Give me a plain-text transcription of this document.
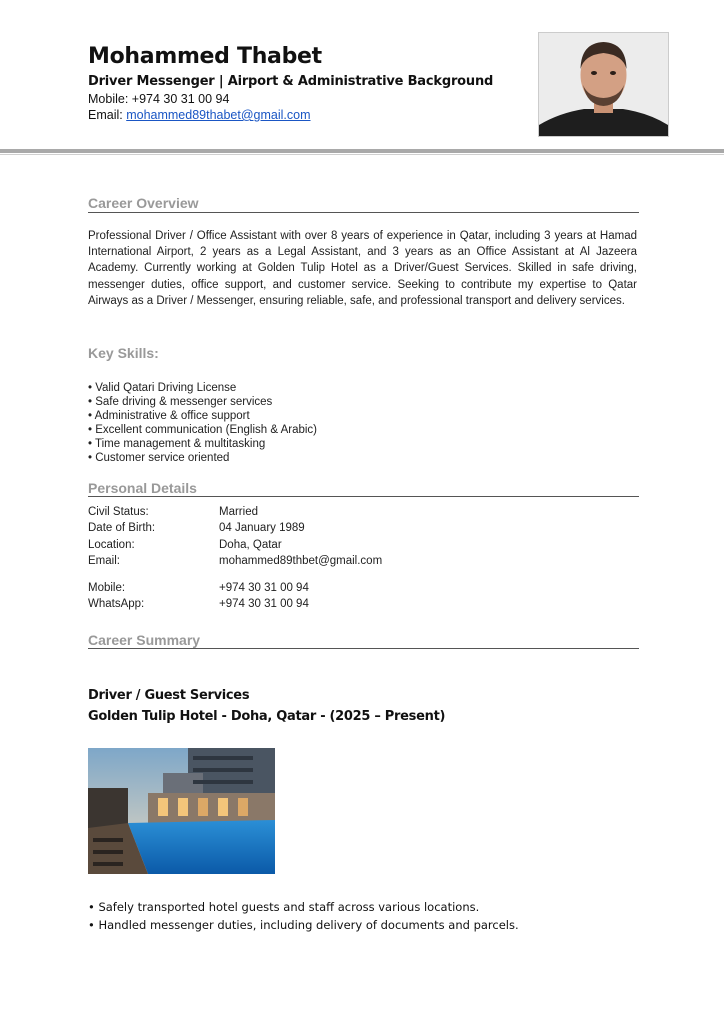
Mohammed Thabet
Driver Messenger | Airport & Administrative Background
Mobile: +974 30 31 00 94
Email: mohammed89thabet@gmail.com
Career Overview
Professional Driver / Office Assistant with over 8 years of experience in Qatar, including 3 years at Hamad International Airport, 2 years as a Legal Assistant, and 3 years as an Office Assistant at Al Jazeera Academy. Currently working at Golden Tulip Hotel as a Driver/Guest Services. Skilled in safe driving, messenger duties, office support, and customer service. Seeking to contribute my expertise to Qatar Airways as a Driver / Messenger, ensuring reliable, safe, and professional transport and delivery services.
Key Skills:
• Valid Qatari Driving License
• Safe driving & messenger services
• Administrative & office support
• Excellent communication (English & Arabic)
• Time management & multitasking
• Customer service oriented
Personal Details
Civil Status:	Married
Date of Birth:	04 January 1989
Location:	Doha, Qatar
Email:	mohammed89thbet@gmail.com
Mobile:	+974 30 31 00 94
WhatsApp:	+974 30 31 00 94
Career Summary
Driver / Guest Services
Golden Tulip Hotel - Doha, Qatar - (2025 – Present)
• Safely transported hotel guests and staff across various locations.
• Handled messenger duties, including delivery of documents and parcels.
